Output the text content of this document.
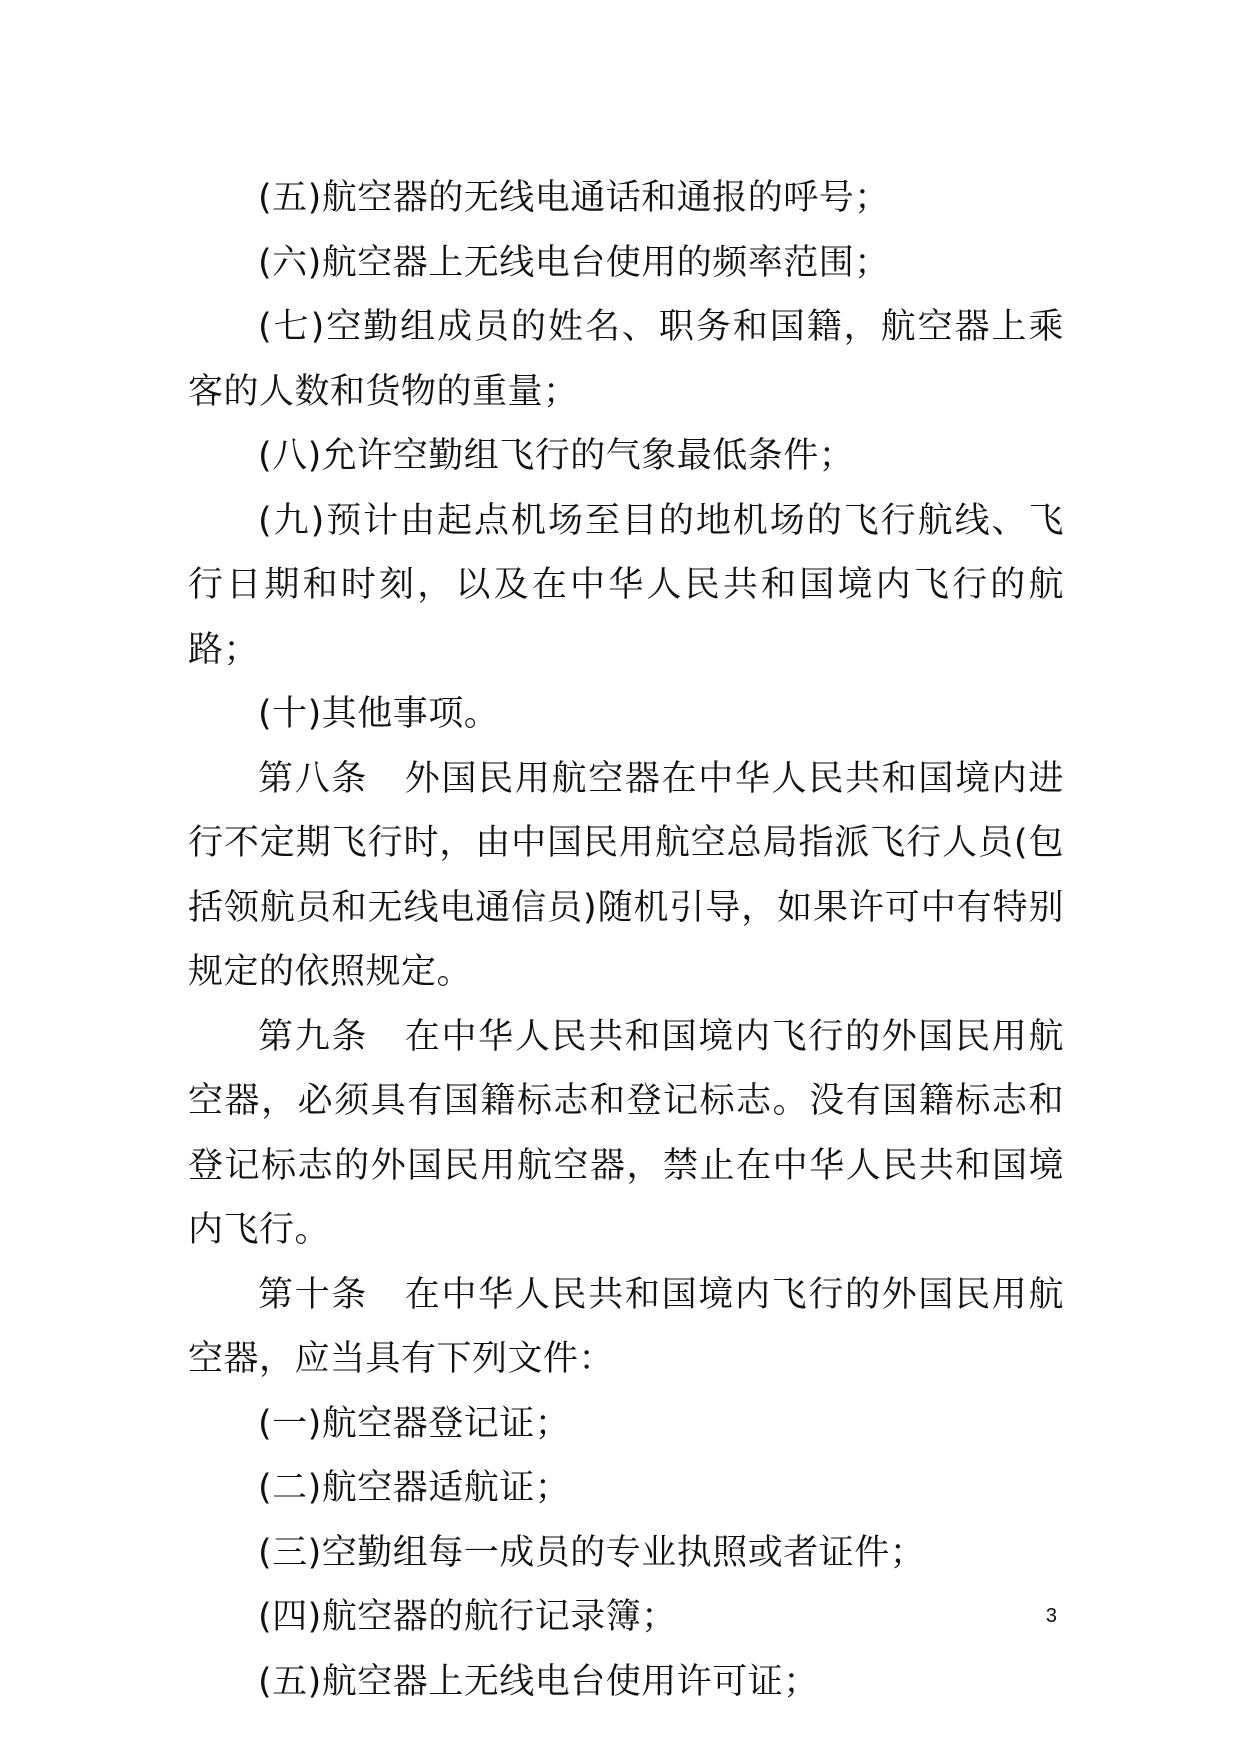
(五)航空器的无线电通话和通报的呼号；

(六)航空器上无线电台使用的频率范围；

(七)空勤组成员的姓名、职务和国籍，航空器上乘客的人数和货物的重量；

(八)允许空勤组飞行的气象最低条件；

(九)预计由起点机场至目的地机场的飞行航线、飞行日期和时刻，以及在中华人民共和国境内飞行的航路；

(十)其他事项。

第八条　外国民用航空器在中华人民共和国境内进行不定期飞行时，由中国民用航空总局指派飞行人员(包括领航员和无线电通信员)随机引导，如果许可中有特别规定的依照规定。

第九条　在中华人民共和国境内飞行的外国民用航空器，必须具有国籍标志和登记标志。没有国籍标志和登记标志的外国民用航空器，禁止在中华人民共和国境内飞行。

第十条　在中华人民共和国境内飞行的外国民用航空器，应当具有下列文件：

(一)航空器登记证；

(二)航空器适航证；

(三)空勤组每一成员的专业执照或者证件；

(四)航空器的航行记录簿；

(五)航空器上无线电台使用许可证；

3
